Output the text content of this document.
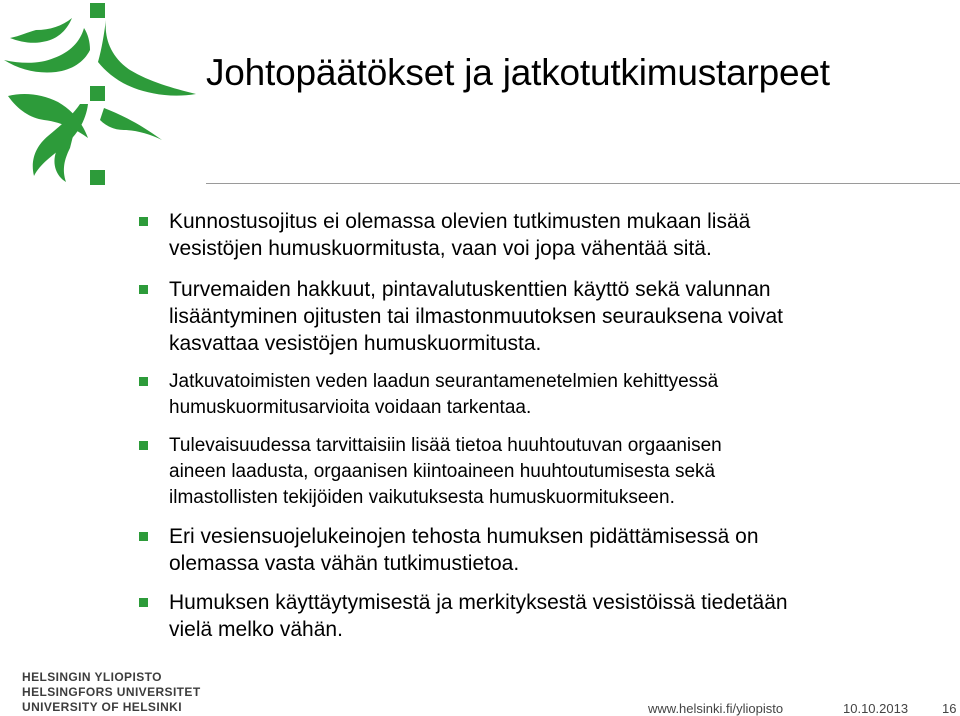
Johtopäätökset ja jatkotutkimustarpeet
Kunnostusojitus ei olemassa olevien tutkimusten mukaan lisää
vesistöjen humuskuormitusta, vaan voi jopa vähentää sitä.
Turvemaiden hakkuut, pintavalutuskenttien käyttö sekä valunnan
lisääntyminen ojitusten tai ilmastonmuutoksen seurauksena voivat
kasvattaa vesistöjen humuskuormitusta.
Jatkuvatoimisten veden laadun seurantamenetelmien kehittyessä
humuskuormitusarvioita voidaan tarkentaa.
Tulevaisuudessa tarvittaisiin lisää tietoa huuhtoutuvan orgaanisen
aineen laadusta, orgaanisen kiintoaineen huuhtoutumisesta sekä
ilmastollisten tekijöiden vaikutuksesta humuskuormitukseen.
Eri vesiensuojelukeinojen tehosta humuksen pidättämisessä on
olemassa vasta vähän tutkimustietoa.
Humuksen käyttäytymisestä ja merkityksestä vesistöissä tiedetään
vielä melko vähän.
HELSINGIN YLIOPISTO
HELSINGFORS UNIVERSITET
UNIVERSITY OF HELSINKI	www.helsinki.fi/yliopisto	10.10.2013	16
